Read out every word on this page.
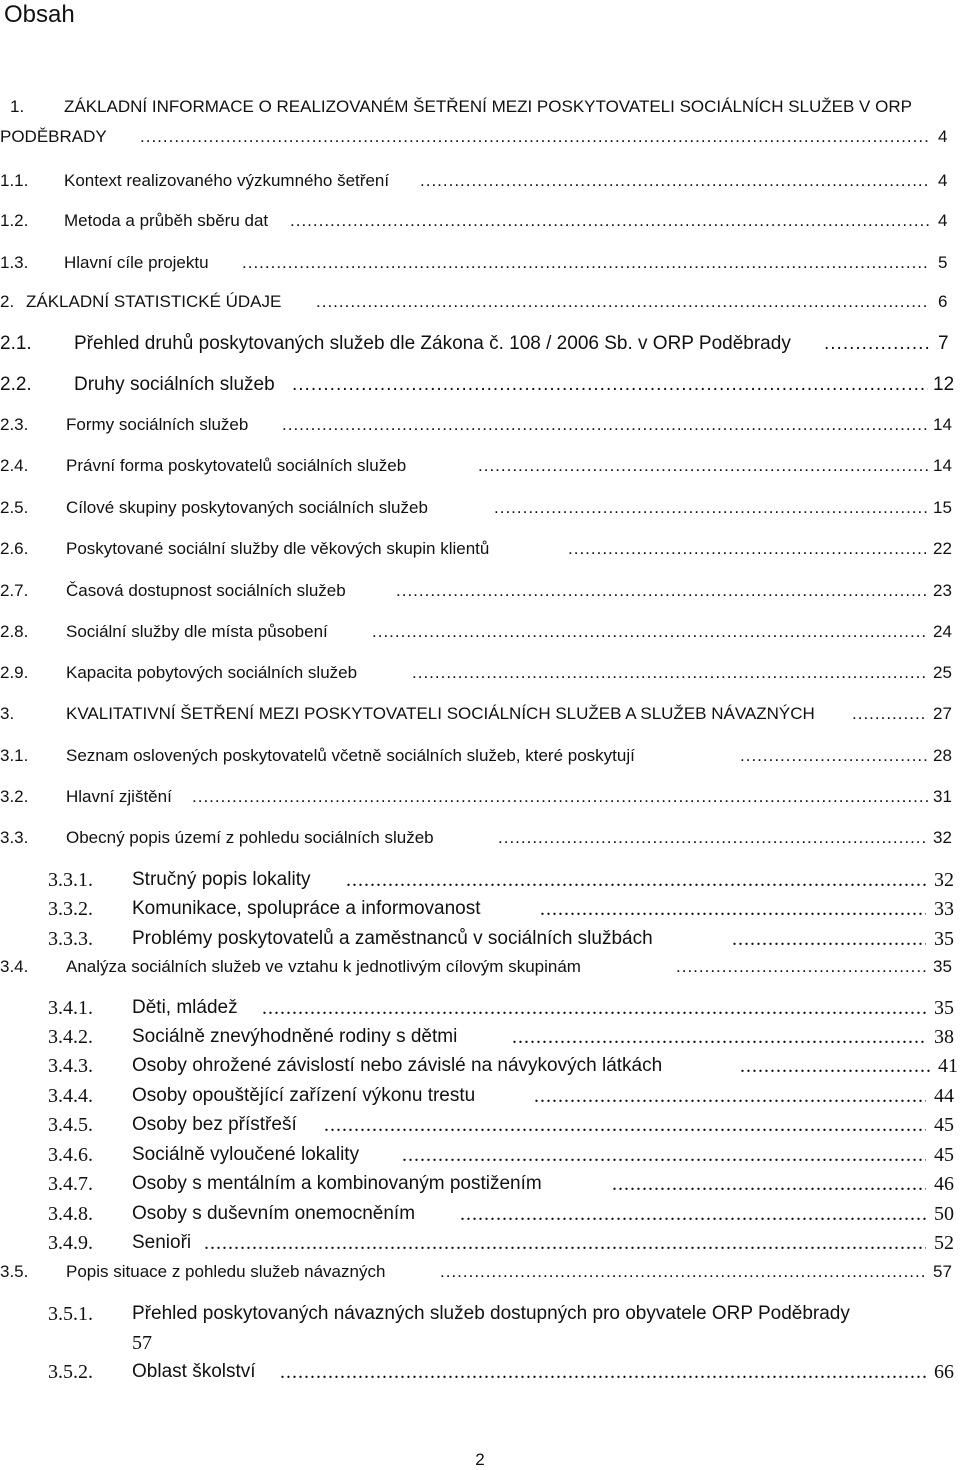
Obsah
1. ZÁKLADNÍ INFORMACE O REALIZOVANÉM ŠETŘENÍ MEZI POSKYTOVATELI SOCIÁLNÍCH SLUŽEB V ORP
PODĚBRADY .....	4
1.1. Kontext realizovaného výzkumného šetření .....	4
1.2. Metoda a průběh sběru dat .....	4
1.3. Hlavní cíle projektu .....	5
2. ZÁKLADNÍ STATISTICKÉ ÚDAJE .....	6
2.1. Přehled druhů poskytovaných služeb dle Zákona č. 108 / 2006 Sb. v ORP Poděbrady .....	7
2.2. Druhy sociálních služeb .....	12
2.3. Formy sociálních služeb .....	14
2.4. Právní forma poskytovatelů sociálních služeb .....	14
2.5. Cílové skupiny poskytovaných sociálních služeb .....	15
2.6. Poskytované sociální služby dle věkových skupin klientů .....	22
2.7. Časová dostupnost sociálních služeb .....	23
2.8. Sociální služby dle místa působení .....	24
2.9. Kapacita pobytových sociálních služeb .....	25
3.	KVALITATIVNÍ ŠETŘENÍ MEZI POSKYTOVATELI SOCIÁLNÍCH SLUŽEB A SLUŽEB NÁVAZNÝCH .....	27
3.1. Seznam oslovených poskytovatelů včetně sociálních služeb, které poskytují .....	28
3.2. Hlavní zjištění .....	31
3.3. Obecný popis území z pohledu sociálních služeb .....	32
3.3.1. Stručný popis lokality .....	32
3.3.2. Komunikace, spolupráce a informovanost .....	33
3.3.3. Problémy poskytovatelů a zaměstnanců v sociálních službách .....	35
3.4. Analýza sociálních služeb ve vztahu k jednotlivým cílovým skupinám .....	35
3.4.1. Děti, mládež .....	35
3.4.2. Sociálně znevýhodněné rodiny s dětmi .....	38
3.4.3. Osoby ohrožené závislostí nebo závislé na návykových látkách .....	41
3.4.4. Osoby opouštějící zařízení výkonu trestu .....	44
3.4.5. Osoby bez přístřeší .....	45
3.4.6. Sociálně vyloučené lokality .....	45
3.4.7. Osoby s mentálním a kombinovaným postižením .....	46
3.4.8. Osoby s duševním onemocněním .....	50
3.4.9. Senioři .....	52
3.5. Popis situace z pohledu služeb návazných .....	57
3.5.1. Přehled poskytovaných návazných služeb dostupných pro obyvatele ORP Poděbrady
57
3.5.2. Oblast školství .....	66
2
